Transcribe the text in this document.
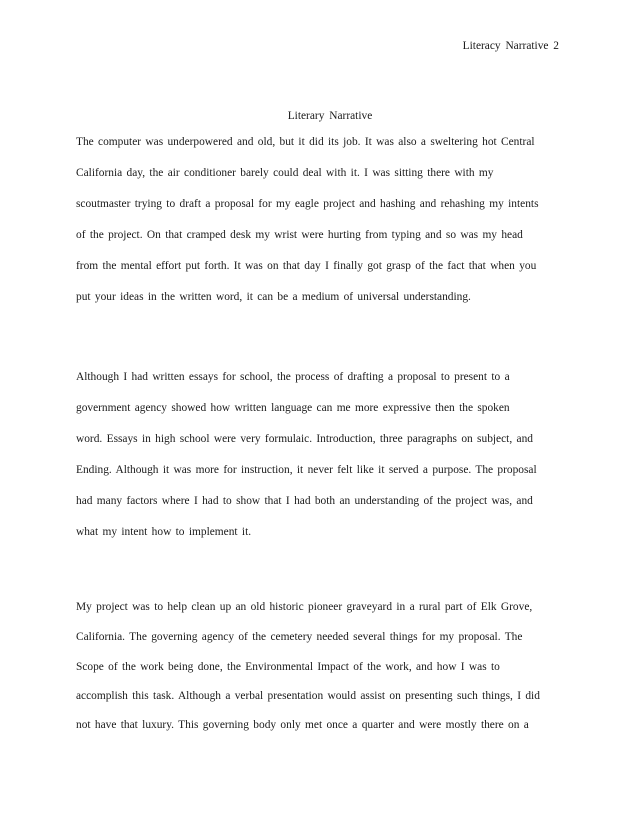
Literacy Narrative 2
Literary Narrative
The computer was underpowered and old, but it did its job. It was also a sweltering hot Central
California day, the air conditioner barely could deal with it. I was sitting there with my
scoutmaster trying to draft a proposal for my eagle project and hashing and rehashing my intents
of the project. On that cramped desk my wrist were hurting from typing and so was my head
from the mental effort put forth. It was on that day I finally got grasp of the fact that when you
put your ideas in the written word, it can be a medium of universal understanding.
Although I had written essays for school, the process of drafting a proposal to present to a
government agency showed how written language can me more expressive then the spoken
word. Essays in high school were very formulaic. Introduction, three paragraphs on subject, and
Ending. Although it was more for instruction, it never felt like it served a purpose. The proposal
had many factors where I had to show that I had both an understanding of the project was, and
what my intent how to implement it.
My project was to help clean up an old historic pioneer graveyard in a rural part of Elk Grove,
California. The governing agency of the cemetery needed several things for my proposal. The
Scope of the work being done, the Environmental Impact of the work, and how I was to
accomplish this task. Although a verbal presentation would assist on presenting such things, I did
not have that luxury. This governing body only met once a quarter and were mostly there on a
